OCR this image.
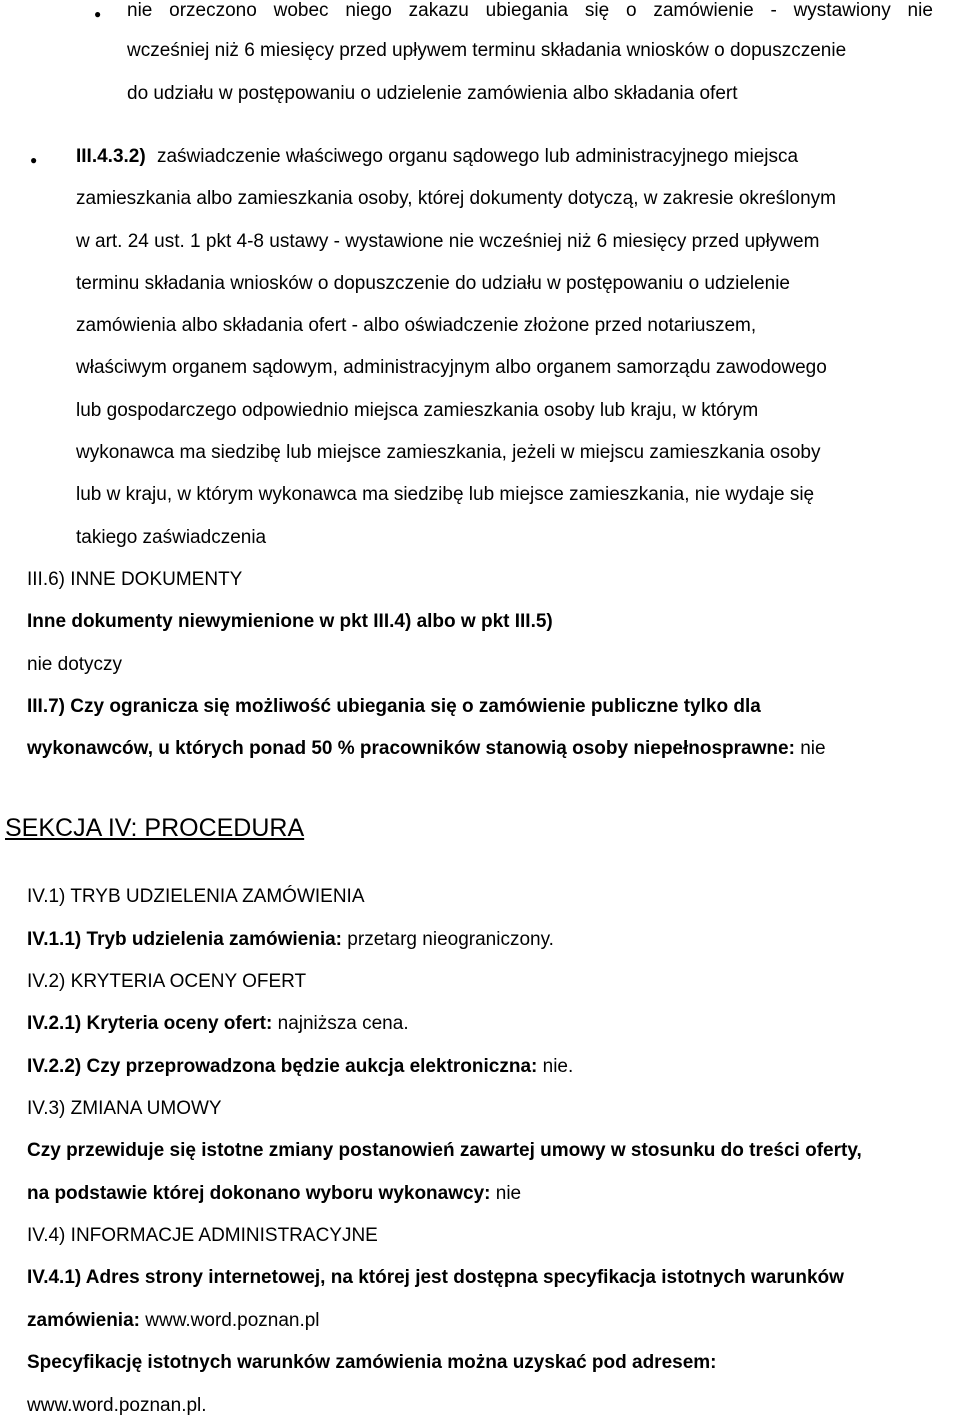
● nie orzeczono wobec niego zakazu ubiegania się o zamówienie - wystawiony nie
wcześniej niż 6 miesięcy przed upływem terminu składania wniosków o dopuszczenie
do udziału w postępowaniu o udzielenie zamówienia albo składania ofert
● III.4.3.2) zaświadczenie właściwego organu sądowego lub administracyjnego miejsca
zamieszkania albo zamieszkania osoby, której dokumenty dotyczą, w zakresie określonym
w art. 24 ust. 1 pkt 4-8 ustawy - wystawione nie wcześniej niż 6 miesięcy przed upływem
terminu składania wniosków o dopuszczenie do udziału w postępowaniu o udzielenie
zamówienia albo składania ofert - albo oświadczenie złożone przed notariuszem,
właściwym organem sądowym, administracyjnym albo organem samorządu zawodowego
lub gospodarczego odpowiednio miejsca zamieszkania osoby lub kraju, w którym
wykonawca ma siedzibę lub miejsce zamieszkania, jeżeli w miejscu zamieszkania osoby
lub w kraju, w którym wykonawca ma siedzibę lub miejsce zamieszkania, nie wydaje się
takiego zaświadczenia
III.6) INNE DOKUMENTY
Inne dokumenty niewymienione w pkt III.4) albo w pkt III.5)
nie dotyczy
III.7) Czy ogranicza się możliwość ubiegania się o zamówienie publiczne tylko dla
wykonawców, u których ponad 50 % pracowników stanowią osoby niepełnosprawne: nie
SEKCJA IV: PROCEDURA
IV.1) TRYB UDZIELENIA ZAMÓWIENIA
IV.1.1) Tryb udzielenia zamówienia: przetarg nieograniczony.
IV.2) KRYTERIA OCENY OFERT
IV.2.1) Kryteria oceny ofert: najniższa cena.
IV.2.2) Czy przeprowadzona będzie aukcja elektroniczna: nie.
IV.3) ZMIANA UMOWY
Czy przewiduje się istotne zmiany postanowień zawartej umowy w stosunku do treści oferty,
na podstawie której dokonano wyboru wykonawcy: nie
IV.4) INFORMACJE ADMINISTRACYJNE
IV.4.1) Adres strony internetowej, na której jest dostępna specyfikacja istotnych warunków
zamówienia: www.word.poznan.pl
Specyfikację istotnych warunków zamówienia można uzyskać pod adresem:
www.word.poznan.pl.
